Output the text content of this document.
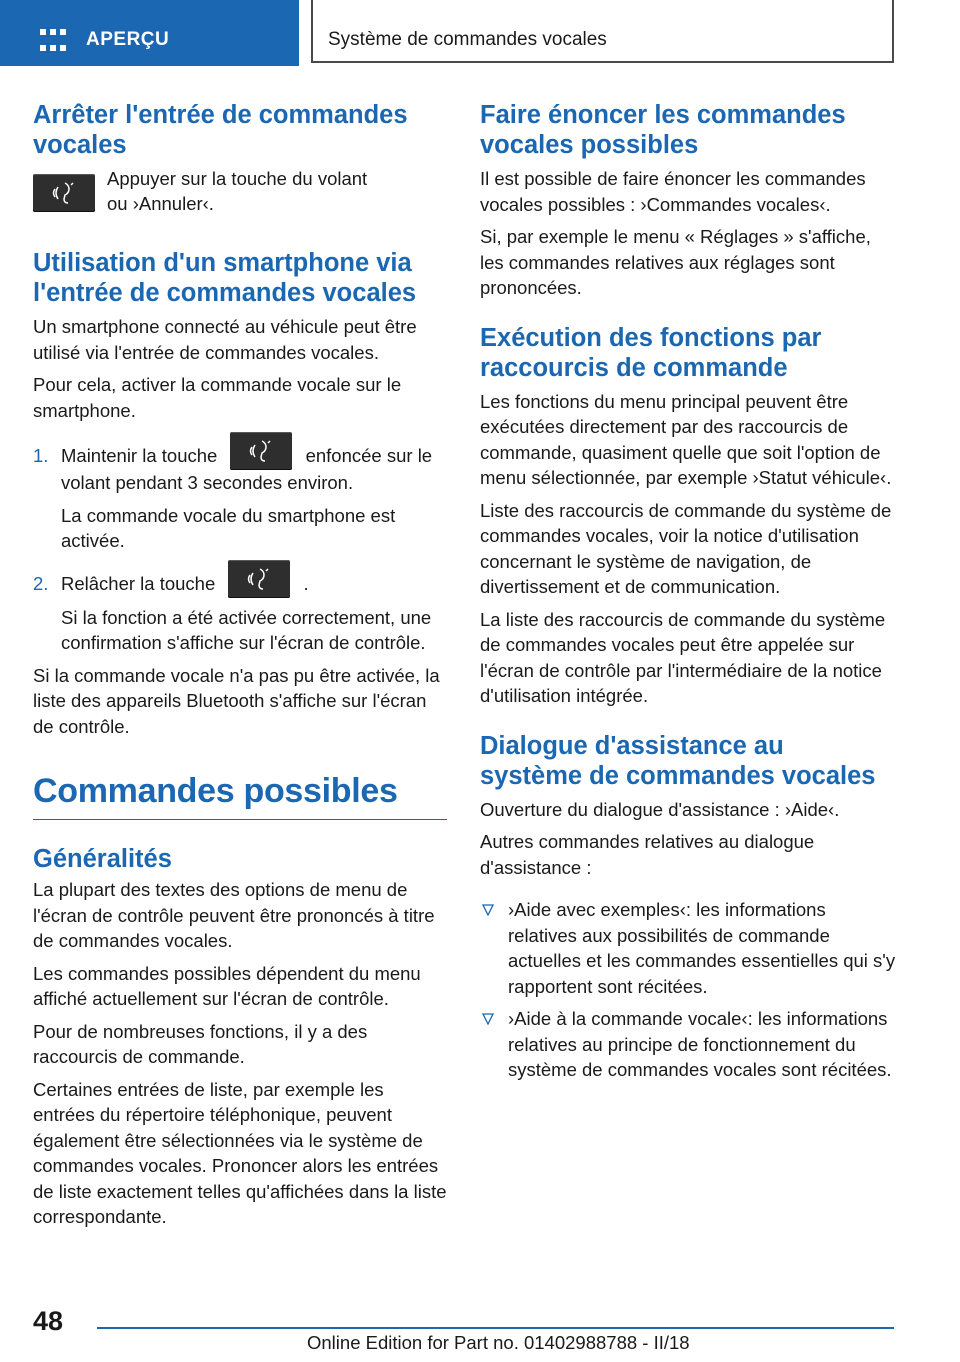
APERÇU	Système de commandes vocales
Arrêter l'entrée de commandes vocales

Appuyer sur la touche du volant

ou ›Annuler‹.

Utilisation d'un smartphone via l'entrée de commandes vocales

Un smartphone connecté au véhicule peut être utilisé via l'entrée de commandes vocales.

Pour cela, activer la commande vocale sur le smartphone.

1. Maintenir la touche	enfoncée sur le volant pendant 3 secondes environ.

La commande vocale du smartphone est activée.

2. Relâcher la touche	.

Si la fonction a été activée correctement, une confirmation s'affiche sur l'écran de contrôle.

Si la commande vocale n'a pas pu être activée, la liste des appareils Bluetooth s'affiche sur l'écran de contrôle.

Commandes possibles
Généralités

La plupart des textes des options de menu de l'écran de contrôle peuvent être prononcés à titre de commandes vocales.

Les commandes possibles dépendent du menu affiché actuellement sur l'écran de contrôle.

Pour de nombreuses fonctions, il y a des raccourcis de commande.

Certaines entrées de liste, par exemple les entrées du répertoire téléphonique, peuvent également être sélectionnées via le système de commandes vocales. Prononcer alors les entrées de liste exactement telles qu'affichées dans la liste correspondante.

Faire énoncer les commandes vocales possibles

Il est possible de faire énoncer les commandes vocales possibles : ›Commandes vocales‹.

Si, par exemple le menu « Réglages » s'affiche, les commandes relatives aux réglages sont prononcées.

Exécution des fonctions par raccourcis de commande

Les fonctions du menu principal peuvent être exécutées directement par des raccourcis de commande, quasiment quelle que soit l'option de menu sélectionnée, par exemple ›Statut véhicule‹.

Liste des raccourcis de commande du système de commandes vocales, voir la notice d'utilisation concernant le système de navigation, de divertissement et de communication.

La liste des raccourcis de commande du système de commandes vocales peut être appelée sur l'écran de contrôle par l'intermédiaire de la notice d'utilisation intégrée.

Dialogue d'assistance au système de commandes vocales

Ouverture du dialogue d'assistance : ›Aide‹.

Autres commandes relatives au dialogue d'assistance :

›Aide avec exemples‹: les informations relatives aux possibilités de commande actuelles et les commandes essentielles qui s'y rapportent sont récitées.

›Aide à la commande vocale‹: les informations relatives au principe de fonctionnement du système de commandes vocales sont récitées.

48
Online Edition for Part no. 01402988788 - II/18
